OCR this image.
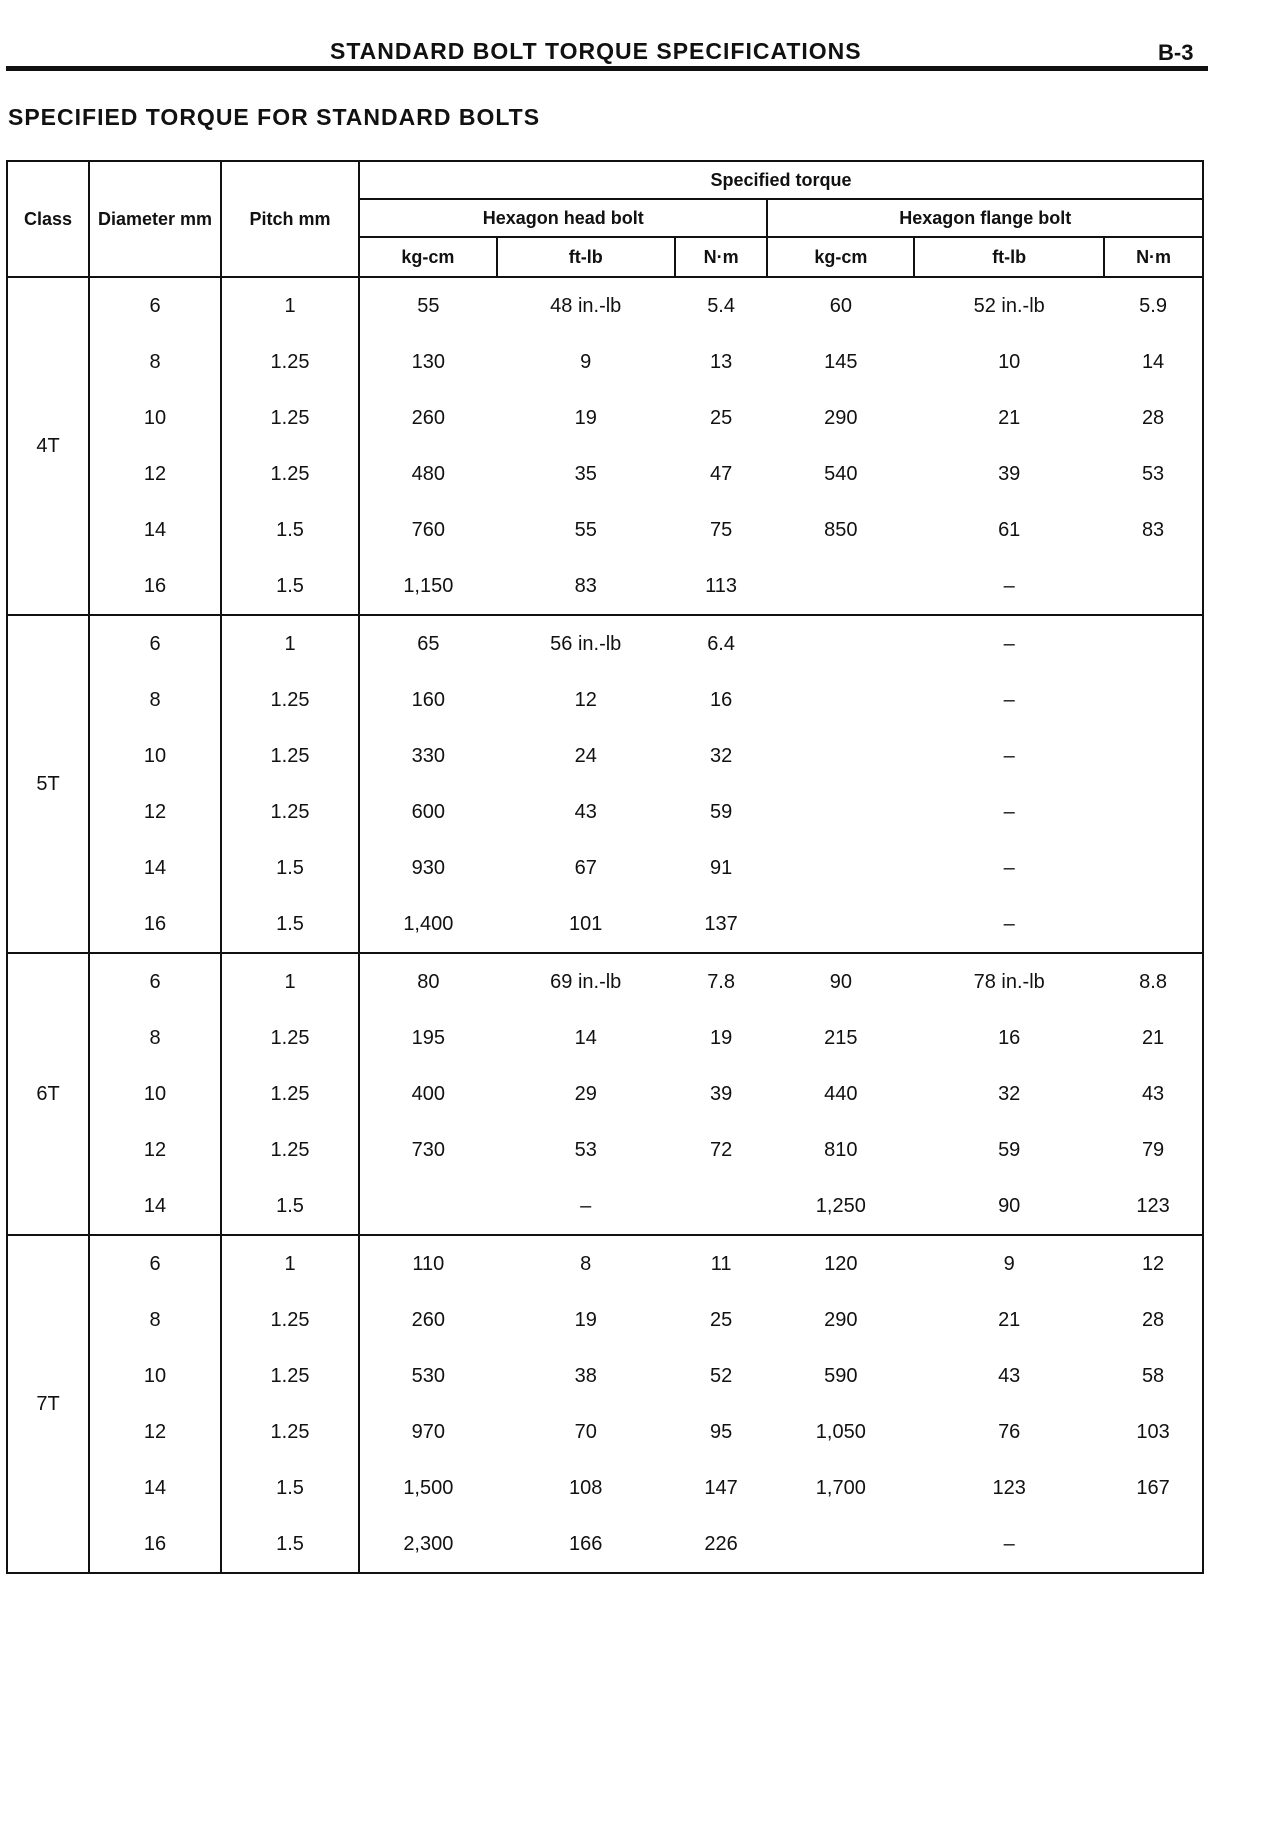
STANDARD BOLT TORQUE SPECIFICATIONS	B-3
SPECIFIED TORQUE FOR STANDARD BOLTS
Class	Diameter mm	Pitch mm	Specified torque					
			Hexagon head bolt			Hexagon flange bolt		
			kg-cm	ft-lb	N·m	kg-cm	ft-lb	N·m
4T	6	1	55	48 in.-lb	5.4	60	52 in.-lb	5.9
	8	1.25	130	9	13	145	10	14
	10	1.25	260	19	25	290	21	28
	12	1.25	480	35	47	540	39	53
	14	1.5	760	55	75	850	61	83
	16	1.5	1,150	83	113		–	
5T	6	1	65	56 in.-lb	6.4		–	
	8	1.25	160	12	16		–	
	10	1.25	330	24	32		–	
	12	1.25	600	43	59		–	
	14	1.5	930	67	91		–	
	16	1.5	1,400	101	137		–	
6T	6	1	80	69 in.-lb	7.8	90	78 in.-lb	8.8
	8	1.25	195	14	19	215	16	21
	10	1.25	400	29	39	440	32	43
	12	1.25	730	53	72	810	59	79
	14	1.5		–		1,250	90	123
7T	6	1	110	8	11	120	9	12
	8	1.25	260	19	25	290	21	28
	10	1.25	530	38	52	590	43	58
	12	1.25	970	70	95	1,050	76	103
	14	1.5	1,500	108	147	1,700	123	167
	16	1.5	2,300	166	226		–	
